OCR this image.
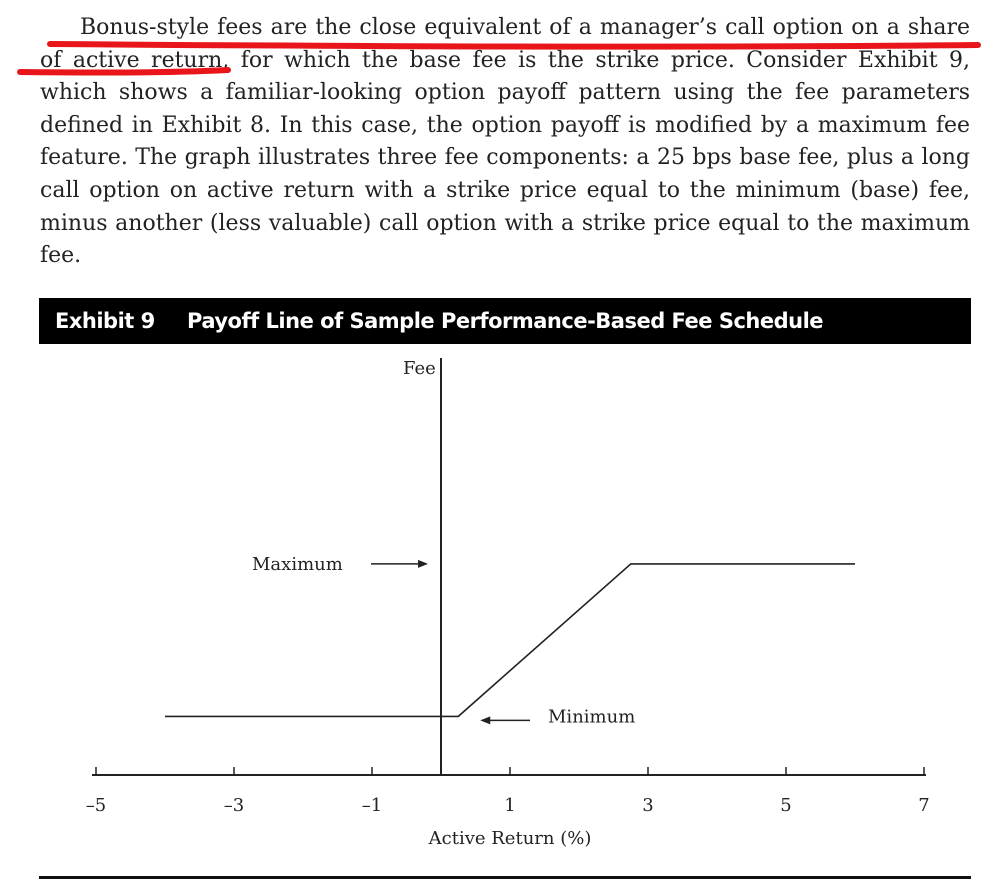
Bonus-style fees are the close equivalent of a manager’s call option on a share of active return, for which the base fee is the strike price. Consider Exhibit 9, which shows a familiar-looking option payoff pattern using the fee parameters defined in Exhibit 8. In this case, the option payoff is modified by a maximum fee feature. The graph illustrates three fee components: a 25 bps base fee, plus a long call option on active return with a strike price equal to the minimum (base) fee, minus another (less valuable) call option with a strike price equal to the maximum fee.

Exhibit 9	Payoff Line of Sample Performance-Based Fee Schedule
Fee
Active Return (%)
–5	–3	–1	1	3	5	7
Maximum
Minimum
